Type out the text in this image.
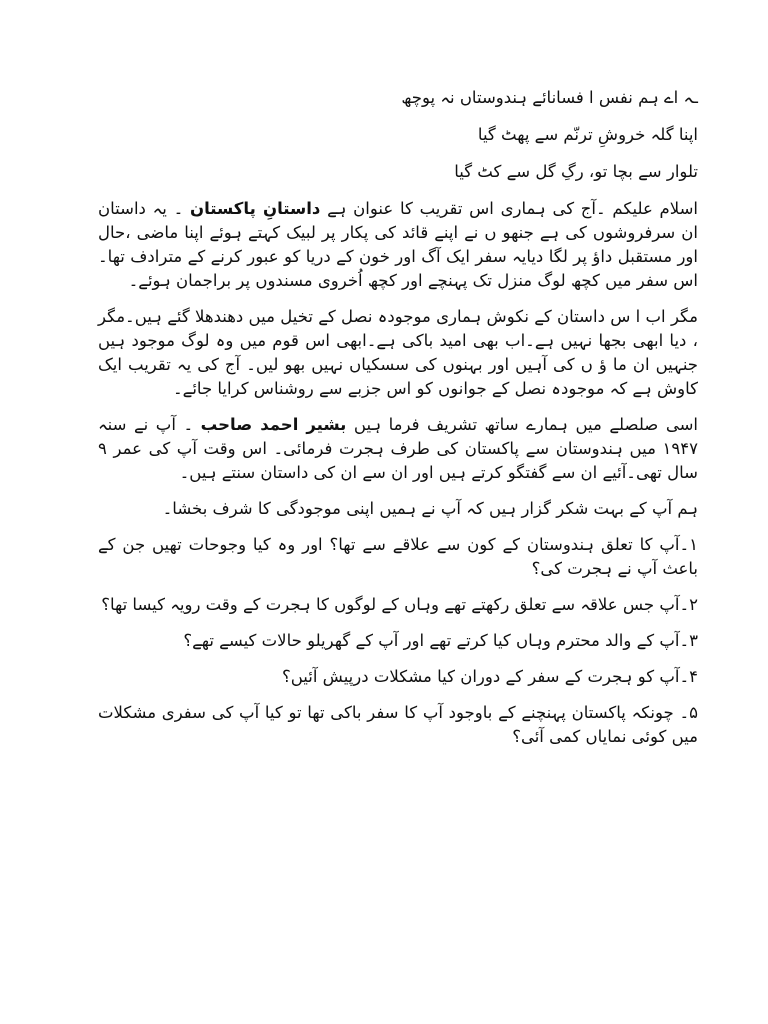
ـہ اے ہم نفس ا فسانائے ہندوستاں نہ پوچھ
اپنا گلہ خروشِ ترنّم سے پھٹ گیا
تلوار سے بچا تو، رگِ گل سے کٹ گیا

اسلام علیکم ۔آج کی ہماری اس تقریب کا عنوان ہے داستانِ پاکستان ۔ یہ داستان ان سرفروشوں کی ہے جنھو ں نے اپنے قائد کی پکار پر لبیک کہتے ہوئے اپنا ماضی ،حال اور مستقبل داؤ پر لگا دیایہ سفر ایک آگ اور خون کے دریا کو عبور کرنے کے مترادف تھا۔ اس سفر میں کچھ لوگ منزل تک پہنچے اور کچھ اُخروی مسندوں پر براجمان ہوئے۔

مگر اب ا س داستان کے نکوش ہماری موجودہ نصل کے تخیل میں دھندھلا گئے ہیں۔مگر ، دیا ابھی بجھا نہیں ہے۔اب بھی امید باکی ہے۔ابھی اس قوم میں وہ لوگ موجود ہیں جنہیں ان ما ؤ ں کی آہیں اور بہنوں کی سسکیاں نہیں بھو لیں۔ آج کی یہ تقریب ایک کاوش ہے کہ موجودہ نصل کے جوانوں کو اس جزبے سے روشناس کرایا جائے۔

اسی صلصلے میں ہمارے ساتھ تشریف فرما ہیں بشیر احمد صاحب ۔ آپ نے سنہ ۱۹۴۷ میں ہندوستان سے پاکستان کی طرف ہجرت فرمائی۔ اس وقت آپ کی عمر ۹ سال تھی۔آئیے ان سے گفتگو کرتے ہیں اور ان سے ان کی داستان سنتے ہیں۔

ہم آپ کے بہت شکر گزار ہیں کہ آپ نے ہمیں اپنی موجودگی کا شرف بخشا۔

۱۔آپ کا تعلق ہندوستان کے کون سے علاقے سے تھا؟ اور وہ کیا وجوحات تھیں جن کے باعث آپ نے ہجرت کی؟

۲۔آپ جس علاقہ سے تعلق رکھتے تھے وہاں کے لوگوں کا ہجرت کے وقت رویہ کیسا تھا؟

۳۔آپ کے والد محترم وہاں کیا کرتے تھے اور آپ کے گھریلو حالات کیسے تھے؟

۴۔آپ کو ہجرت کے سفر کے دوران کیا مشکلات درپیش آئیں؟

۵۔ چونکہ پاکستان پہنچنے کے باوجود آپ کا سفر باکی تھا تو کیا آپ کی سفری مشکلات میں کوئی نمایاں کمی آئی؟
